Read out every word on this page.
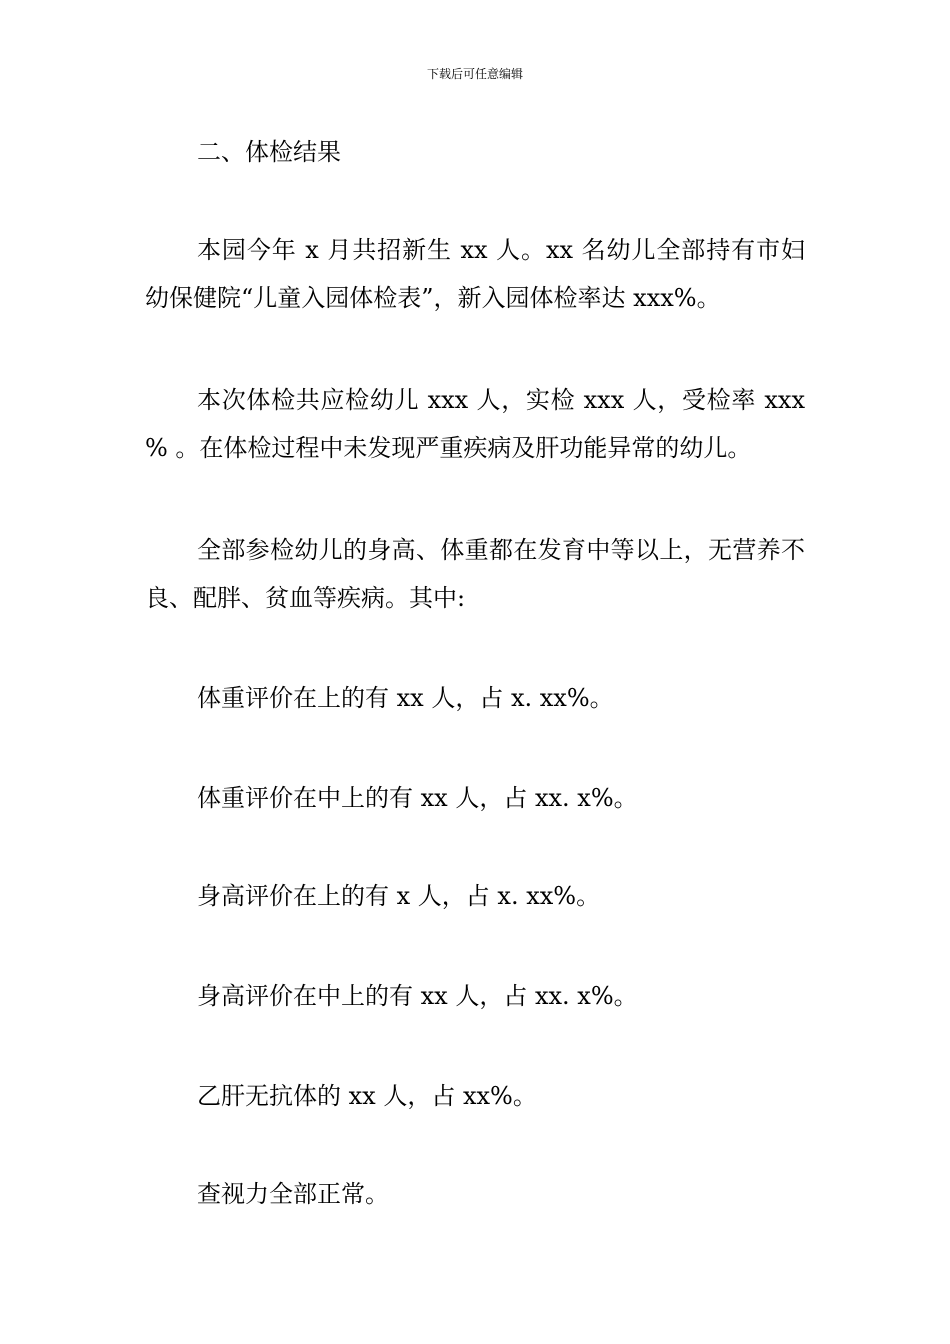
下载后可任意编辑

二、体检结果

本园今年 x 月共招新生 xx 人。xx 名幼儿全部持有市妇幼保健院“儿童入园体检表”，新入园体检率达 xxx%。

本次体检共应检幼儿 xxx 人，实检 xxx 人，受检率 xxx % 。在体检过程中未发现严重疾病及肝功能异常的幼儿。

全部参检幼儿的身高、体重都在发育中等以上，无营养不良、配胖、贫血等疾病。其中:

体重评价在上的有 xx 人，占 x. xx%。

体重评价在中上的有 xx 人，占 xx. x%。

身高评价在上的有 x 人，占 x. xx%。

身高评价在中上的有 xx 人，占 xx. x%。

乙肝无抗体的 xx 人，占 xx%。

查视力全部正常。
